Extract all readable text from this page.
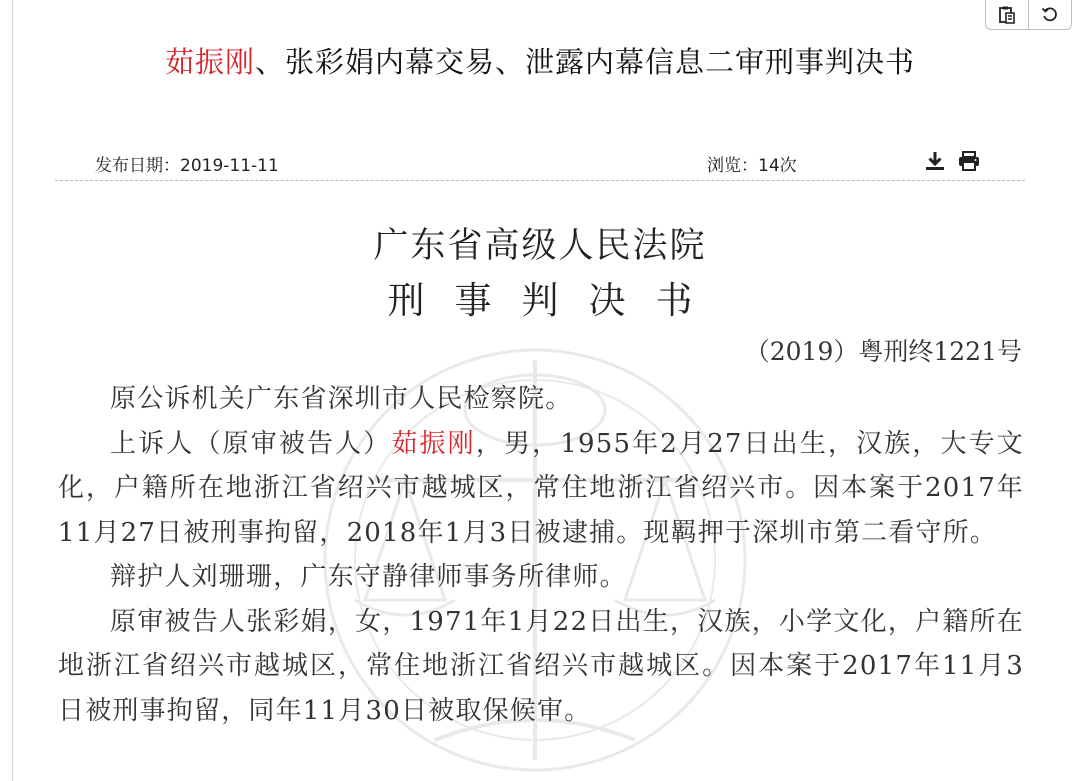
茹振刚、张彩娟内幕交易、泄露内幕信息二审刑事判决书
发布日期：2019-11-11	浏览：14次
广东省高级人民法院
刑事判决书
（2019）粤刑终1221号

原公诉机关广东省深圳市人民检察院。

上诉人（原审被告人）茹振刚，男，1955年2月27日出生，汉族，大专文化，户籍所在地浙江省绍兴市越城区，常住地浙江省绍兴市。因本案于2017年11月27日被刑事拘留，2018年1月3日被逮捕。现羁押于深圳市第二看守所。

辩护人刘珊珊，广东守静律师事务所律师。

原审被告人张彩娟，女，1971年1月22日出生，汉族，小学文化，户籍所在地浙江省绍兴市越城区，常住地浙江省绍兴市越城区。因本案于2017年11月3日被刑事拘留，同年11月30日被取保候审。
